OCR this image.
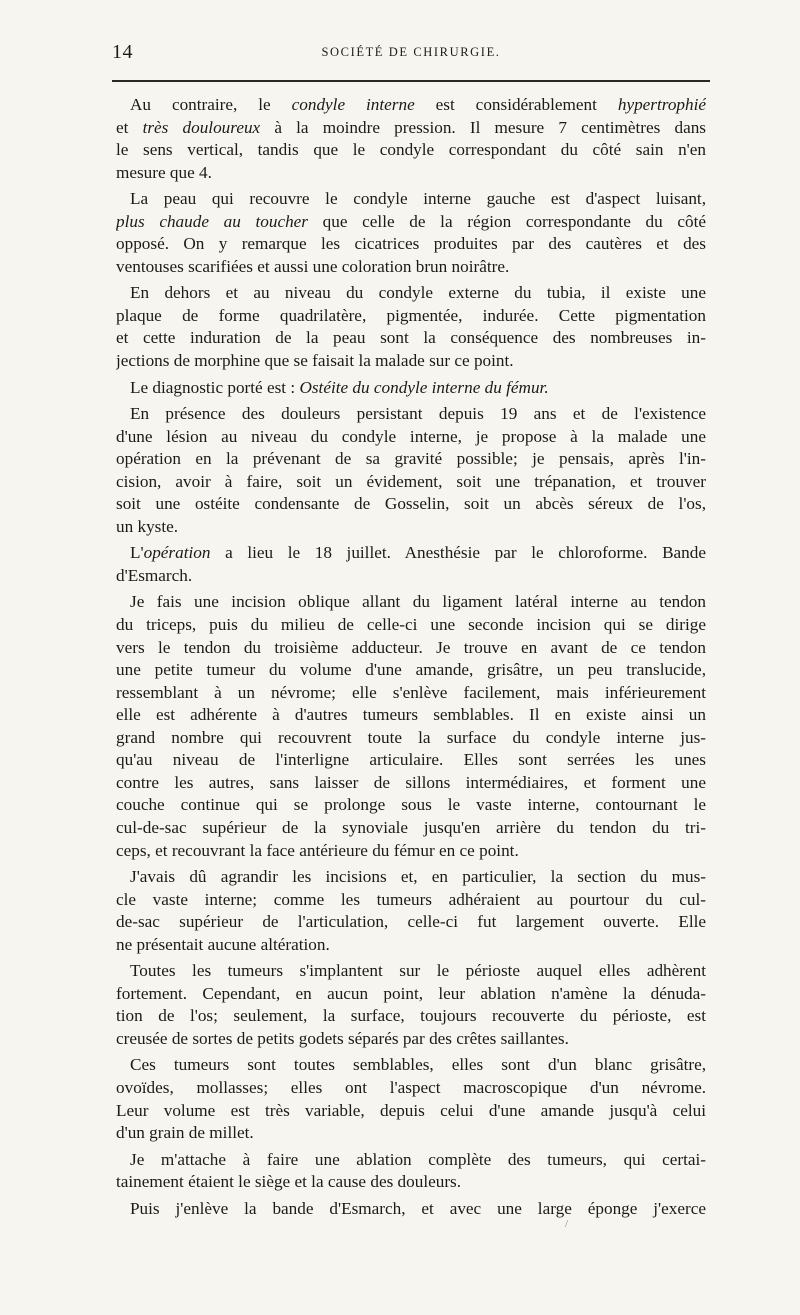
14	SOCIÉTÉ DE CHIRURGIE.
Au contraire, le condyle interne est considérablement hypertrophié
et très douloureux à la moindre pression. Il mesure 7 centimètres dans
le sens vertical, tandis que le condyle correspondant du côté sain n'en
mesure que 4.
La peau qui recouvre le condyle interne gauche est d'aspect luisant,
plus chaude au toucher que celle de la région correspondante du côté
opposé. On y remarque les cicatrices produites par des cautères et des
ventouses scarifiées et aussi une coloration brun noirâtre.
En dehors et au niveau du condyle externe du tubia, il existe une
plaque de forme quadrilatère, pigmentée, indurée. Cette pigmentation
et cette induration de la peau sont la conséquence des nombreuses in-
jections de morphine que se faisait la malade sur ce point.
Le diagnostic porté est : Ostéite du condyle interne du fémur.
En présence des douleurs persistant depuis 19 ans et de l'existence
d'une lésion au niveau du condyle interne, je propose à la malade une
opération en la prévenant de sa gravité possible; je pensais, après l'in-
cision, avoir à faire, soit un évidement, soit une trépanation, et trouver
soit une ostéite condensante de Gosselin, soit un abcès séreux de l'os,
un kyste.
L'opération a lieu le 18 juillet. Anesthésie par le chloroforme. Bande
d'Esmarch.
Je fais une incision oblique allant du ligament latéral interne au tendon
du triceps, puis du milieu de celle-ci une seconde incision qui se dirige
vers le tendon du troisième adducteur. Je trouve en avant de ce tendon
une petite tumeur du volume d'une amande, grisâtre, un peu translucide,
ressemblant à un névrome; elle s'enlève facilement, mais inférieurement
elle est adhérente à d'autres tumeurs semblables. Il en existe ainsi un
grand nombre qui recouvrent toute la surface du condyle interne jus-
qu'au niveau de l'interligne articulaire. Elles sont serrées les unes
contre les autres, sans laisser de sillons intermédiaires, et forment une
couche continue qui se prolonge sous le vaste interne, contournant le
cul-de-sac supérieur de la synoviale jusqu'en arrière du tendon du tri-
ceps, et recouvrant la face antérieure du fémur en ce point.
J'avais dû agrandir les incisions et, en particulier, la section du mus-
cle vaste interne; comme les tumeurs adhéraient au pourtour du cul-
de-sac supérieur de l'articulation, celle-ci fut largement ouverte. Elle
ne présentait aucune altération.
Toutes les tumeurs s'implantent sur le périoste auquel elles adhèrent
fortement. Cependant, en aucun point, leur ablation n'amène la dénuda-
tion de l'os; seulement, la surface, toujours recouverte du périoste, est
creusée de sortes de petits godets séparés par des crêtes saillantes.
Ces tumeurs sont toutes semblables, elles sont d'un blanc grisâtre,
ovoïdes, mollasses; elles ont l'aspect macroscopique d'un névrome.
Leur volume est très variable, depuis celui d'une amande jusqu'à celui
d'un grain de millet.
Je m'attache à faire une ablation complète des tumeurs, qui certai-
tainement étaient le siège et la cause des douleurs.
Puis j'enlève la bande d'Esmarch, et avec une large éponge j'exerce
/
